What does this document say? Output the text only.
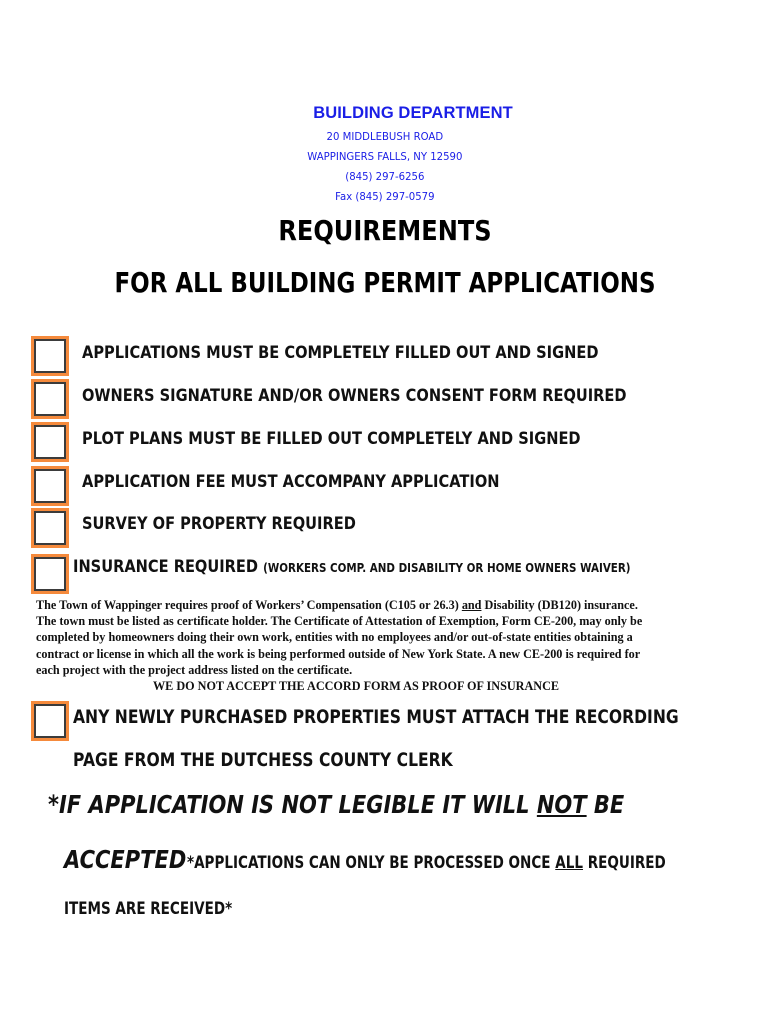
BUILDING DEPARTMENT
20 MIDDLEBUSH ROAD
WAPPINGERS FALLS, NY 12590
(845) 297-6256
Fax (845) 297-0579
REQUIREMENTS
FOR ALL BUILDING PERMIT APPLICATIONS
APPLICATIONS MUST BE COMPLETELY FILLED OUT AND SIGNED
OWNERS SIGNATURE AND/OR OWNERS CONSENT FORM REQUIRED
PLOT PLANS MUST BE FILLED OUT COMPLETELY AND SIGNED
APPLICATION FEE MUST ACCOMPANY APPLICATION
SURVEY OF PROPERTY REQUIRED
INSURANCE REQUIRED (WORKERS COMP. AND DISABILITY OR HOME OWNERS WAIVER)

The Town of Wappinger requires proof of Workers’ Compensation (C105 or 26.3) and Disability (DB120) insurance.

The town must be listed as certificate holder. The Certificate of Attestation of Exemption, Form CE-200, may only be

completed by homeowners doing their own work, entities with no employees and/or out-of-state entities obtaining a

contract or license in which all the work is being performed outside of New York State. A new CE-200 is required for

each project with the project address listed on the certificate.

WE DO NOT ACCEPT THE ACCORD FORM AS PROOF OF INSURANCE

ANY NEWLY PURCHASED PROPERTIES MUST ATTACH THE RECORDING
PAGE FROM THE DUTCHESS COUNTY CLERK
*IF APPLICATION IS NOT LEGIBLE IT WILL NOT BE
ACCEPTED *APPLICATIONS CAN ONLY BE PROCESSED ONCE ALL REQUIRED
ITEMS ARE RECEIVED*
